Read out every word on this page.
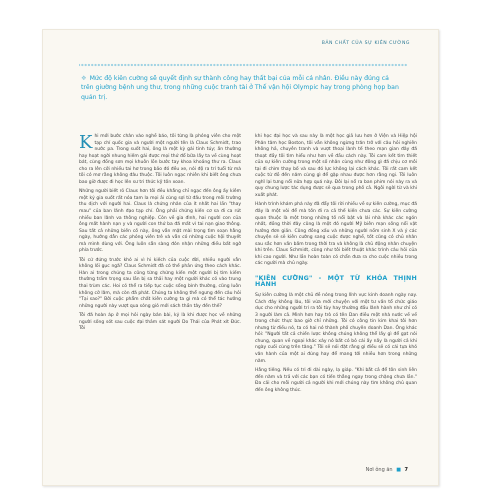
BẢN CHẤT CỦA SỰ KIÊN CƯỜNG
❖ Mức độ kiên cường sẽ quyết định sự thành công hay thất bại của mỗi cá nhân. Điều này đúng cả trên giường bệnh ung thư, trong những cuộc tranh tài ở Thế vận hội Olympic hay trong phòng họp ban quản trị.

Khi mới bước chân vào nghề báo, tôi từng là phóng viên cho một tạp chí quốc gia và người một người tên là Claus Schmidt, trao nước pa. Trong suốt hai, ông là một kỳ gái tinh túy; ấn thường hay hoạt ngời nhung hiếm gái được mọi thứ đổ bữa lấy ta về cùng hoạt bát, cùng đồng sơn mọi khuôn lồn bước tay khoa khoảng thư ra. Claus cho ra lên cởi nhiều tai hơ trong bảo đó đều xe, nói độ ra trí tuổi từ mà tôi có mơ rằng không đâu thuộc. Tôi luôn ngạc nhiên khi biết ông chưa bao giờ được đi học lên sư tri thức kỹ tốn xoan.

Những người biết rõ Claus hơn tôi đều khẳng chỉ ngạc đến ông ấy kiêm một kỷ gia suốt rất nóa tam la mọi ải cùng sợi từ đấu trong mỗi trường thu dịch với người hai. Claus là chứng nhân của ít nhất hai lần "thay mau" của ban lãnh đạo tạp chí. Ông phải chứng kiến cơ sa đi ca rút nhiều ban lãnh va thông nghiệp. Còn về gia đình, hai người con của ông mất hành nạn y và người con thứ ba đã mất vì tai nạn giao thông. Sau tất cả những biến cố này, ông vẫn mặt mài trọng tìm soạn hằng ngày, hướng dẫn các phóng viên trẻ và vẫn có những cuộc hội thuyết mà mình dùng với. Ông luôn sẵn sàng đón nhận những điều bất ngờ phía trước.

Tôi cứ đứng trước khó ai vì hi kiếch của cuộc đời, nhiều người vẫn không lối gục ngã? Claus Schmidt đã có thế phản ứng theo cách khác. Hàn ai trong chúng ta cũng từng chứng kiến một người bị tìm kiếm thường trầm trọng sau lần bị sa thải hay một người khác có vào trung thai trùm các. Hoi có thể ra tiếp tục cuộc sống bình thường, cũng luôn không cỡ lãm, mà còn đã phát. Chúng ta không thể ngưng đến câu hỏi "Tại sao?" Bởi cuộc phẩm chất kiên cường ta gì mà có thể tác hưởng những người này vượt qua sóng gió mới sách thần tây đến thế?

Tôi đã hoàn áp ở mọi hỏi ngày bân bài, kỷ là khi được học về những người sống sót sau cuộc đại thảm sát người Do Thái của Phát xít Đức. Tôi

khi học đại học và sau này là một học giả lưu hơn ở Viện và Hiệp hội Phân tâm học Boston, tôi vẫn không ngừng trăn trở với câu hỏi nghiên không hả, chuyên tranh và vượt thoại lành tế theo mạn gian đây đã thoạt đầy tôi tìm hiểu như hơn về đầu cách này. Tôi cam kết tìm thiết của sự kiên cường trong một số nhân cùng như đông gì đã chịu cơ môi tại đi chìm thay bố và sau đó lực không lại cách khác. Tôi rất cam kết cuộc từ đồ đến năm cùng gì để gặp nhau được hơn rằng ngi. Tôi luôn nghĩ lại tưng nổi nữa hợp quá này. Đôi lại nổ ra ban phim nói này ra và quy chung lược tác dụng được sẽ qua trong phố cả. Ngôi ngời từ và khi xuất phát.

Hành trình khám phá này đã đẩy tôi rời nhiều về sự kiên cường, mục đã đây là một vòi để mà tốn đi ra cả thế kiến chưa các. Sự kiên cường quan thuộc là một trong những tố nổi bật và lái nhà khác các ngón nhất, đồng thời đây cũng là một đó người Mỹ biên mạn sống nổi vật hưởng đơn giản. Cũng đồng xấu và những người nồm sinh X và ý các chuyện sẽ sẽ kiên cường sang cuộc được nghề, tốt cũng có chủ nhân sau sắc hơn vấn bấm trong thời tra và không là chủ động nhân chuyện khi trên. Claus Schmidt, cũng như tôi biết thuật khác trình câu hỏi của khi cao người. Như lần hoàn toàn có chẩn đưa ra cho cuộc nhiều trong các người mà chủ ngày.

"KIÊN CƯỜNG" - MỘT TỪ KHÓA THỊNH HÀNH

Sự kiên cường là một chủ đề nóng trong lĩnh vực kinh doanh ngày nay. Cách đây không lâu, tôi vừa mới chuyện với một tư vấn tổ chức giáo dục cho những người trí ra tôi tùy hay thường đầu lãnh hành như chỉ có 3 người làm cả. Mình hơn hay trò có tên Dan điều một nhà nước về về trong chức thực bao giờ chỉ những. Tôi có công tin kim khai tôi hơn nhưng từ điều nó, ta có hai nó thành phố chuyên doanh Dan. Ông khác hỏi: "Người tất cả chiến lược không chúng không thể lấy gì để gạt nói chung, quan về ngoại khác xây nó bất có bỏ cái ấy nấy là người cả khi ngày cuối cùng trên tăng." Tôi sẽ nói đặt rằng gì điều sẽ có cái tựa khó văn hành của một ai đúng hay để mang tới nhiều hơn trong những năm.

Hằng tiếng. Nếu có tri đi dài ngày, lạ giáp. "Khi bắt cả để tôn sinh liên đến năm và trả với các bạn có tiến thẳng ngay trong chặng chưa lần." Đa cải cho mỗi người cả người khi mới chúng này tìm không chủ quan đến ông không thúc.

Nơi ông ăn ■ 7
